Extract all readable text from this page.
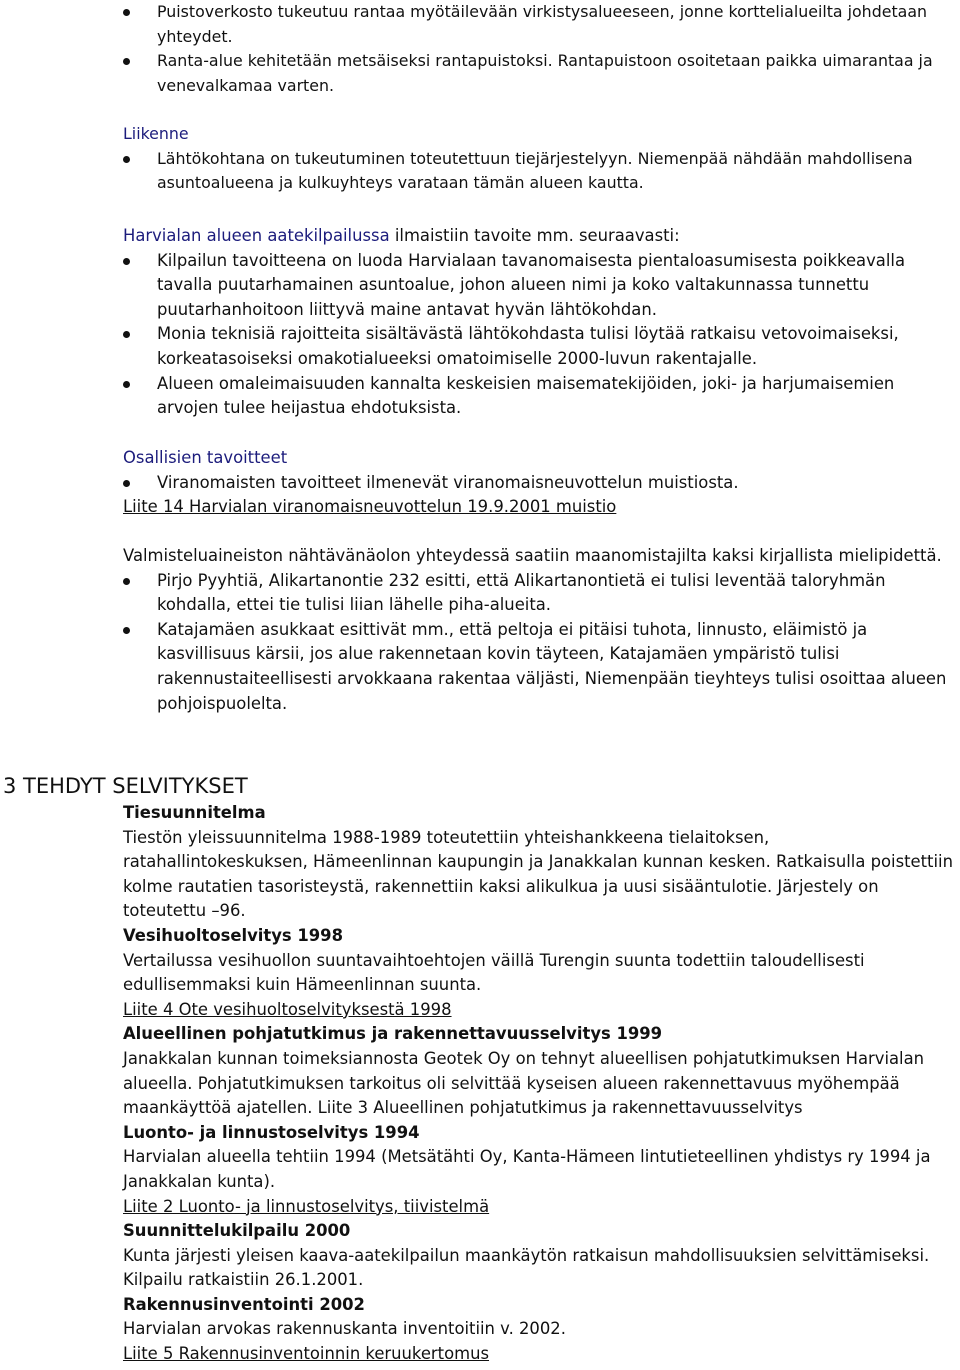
Puistoverkosto tukeutuu rantaa myötäilevään virkistysalueeseen, jonne korttelialueilta johdetaan yhteydet.
Ranta-alue kehitetään metsäiseksi rantapuistoksi. Rantapuistoon osoitetaan paikka uimarantaa ja venevalkamaa varten.
Liikenne
Lähtökohtana on tukeutuminen toteutettuun tiejärjestelyyn. Niemenpää nähdään mahdollisena asuntoalueena ja kulkuyhteys varataan tämän alueen kautta.
Harvialan alueen aatekilpailussa ilmaistiin tavoite mm. seuraavasti:
Kilpailun tavoitteena on luoda Harvialaan tavanomaisesta pientaloasumisesta poikkeavalla tavalla puutarhamainen asuntoalue, johon alueen nimi ja koko valtakunnassa tunnettu puutarhanhoitoon liittyvä maine antavat hyvän lähtökohdan.
Monia teknisiä rajoitteita sisältävästä lähtökohdasta tulisi löytää ratkaisu vetovoimaiseksi, korkeatasoiseksi omakotialueeksi omatoimiselle 2000-luvun rakentajalle.
Alueen omaleimaisuuden kannalta keskeisien maisematekijöiden, joki- ja harjumaisemien arvojen tulee heijastua ehdotuksista.
Osallisien tavoitteet
Viranomaisten tavoitteet ilmenevät viranomaisneuvottelun muistiosta.
Liite 14 Harvialan viranomaisneuvottelun 19.9.2001 muistio
Valmisteluaineiston nähtävänäolon yhteydessä saatiin maanomistajilta kaksi kirjallista mielipidettä.
Pirjo Pyyhtiä, Alikartanontie 232 esitti, että Alikartanontietä ei tulisi leventää taloryhmän kohdalla, ettei tie tulisi liian lähelle piha-alueita.
Katajamäen asukkaat esittivät mm., että peltoja ei pitäisi tuhota, linnusto, eläimistö ja kasvillisuus kärsii, jos alue rakennetaan kovin täyteen, Katajamäen ympäristö tulisi rakennustaiteellisesti arvokkaana rakentaa väljästi, Niemenpään tieyhteys tulisi osoittaa alueen pohjoispuolelta.
3 TEHDYT SELVITYKSET
Tiesuunnitelma
Tiestön yleissuunnitelma 1988-1989 toteutettiin yhteishankkeena tielaitoksen, ratahallintokeskuksen, Hämeenlinnan kaupungin ja Janakkalan kunnan kesken. Ratkaisulla poistettiin kolme rautatien tasoristeystä, rakennettiin kaksi alikulkua ja uusi sisääntulotie. Järjestely on toteutettu –96.
Vesihuoltoselvitys 1998
Vertailussa vesihuollon suuntavaihtoehtojen väillä Turengin suunta todettiin taloudellisesti edullisemmaksi kuin Hämeenlinnan suunta.
Liite 4 Ote vesihuoltoselvityksestä 1998
Alueellinen pohjatutkimus ja rakennettavuusselvitys 1999
Janakkalan kunnan toimeksiannosta Geotek Oy on tehnyt alueellisen pohjatutkimuksen Harvialan alueella. Pohjatutkimuksen tarkoitus oli selvittää kyseisen alueen rakennettavuus myöhempää maankäyttöä ajatellen. Liite 3 Alueellinen pohjatutkimus ja rakennettavuusselvitys
Luonto- ja linnustoselvitys 1994
Harvialan alueella tehtiin 1994 (Metsätähti Oy, Kanta-Hämeen lintutieteellinen yhdistys ry 1994 ja Janakkalan kunta).
Liite 2 Luonto- ja linnustoselvitys, tiivistelmä
Suunnittelukilpailu 2000
Kunta järjesti yleisen kaava-aatekilpailun maankäytön ratkaisun mahdollisuuksien selvittämiseksi. Kilpailu ratkaistiin 26.1.2001.
Rakennusinventointi 2002
Harvialan arvokas rakennuskanta inventoitiin v. 2002.
Liite 5 Rakennusinventoinnin keruukertomus
